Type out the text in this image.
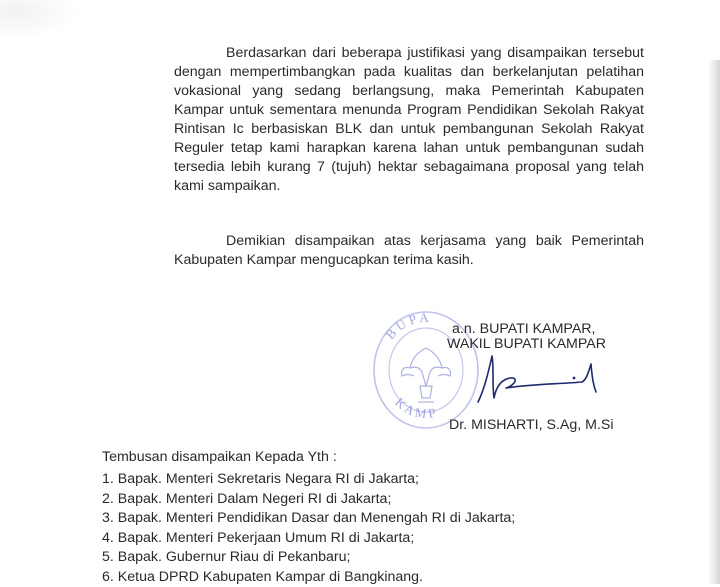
Berdasarkan dari beberapa justifikasi yang disampaikan tersebut
dengan mempertimbangkan pada kualitas dan berkelanjutan pelatihan
vokasional yang sedang berlangsung, maka Pemerintah Kabupaten
Kampar untuk sementara menunda Program Pendidikan Sekolah Rakyat
Rintisan Ic berbasiskan BLK dan untuk pembangunan Sekolah Rakyat
Reguler tetap kami harapkan karena lahan untuk pembangunan sudah
tersedia lebih kurang 7 (tujuh) hektar sebagaimana proposal yang telah
kami sampaikan.
Demikian disampaikan atas kerjasama yang baik Pemerintah
Kabupaten Kampar mengucapkan terima kasih.
B U P A
K A M P
a.n. BUPATI KAMPAR,
WAKIL BUPATI KAMPAR
Dr. MISHARTI, S.Ag, M.Si

Tembusan disampaikan Kepada Yth :

1. Bapak. Menteri Sekretaris Negara RI di Jakarta;
2. Bapak. Menteri Dalam Negeri RI di Jakarta;
3. Bapak. Menteri Pendidikan Dasar dan Menengah RI di Jakarta;
4. Bapak. Menteri Pekerjaan Umum RI di Jakarta;
5. Bapak. Gubernur Riau di Pekanbaru;
6. Ketua DPRD Kabupaten Kampar di Bangkinang.
